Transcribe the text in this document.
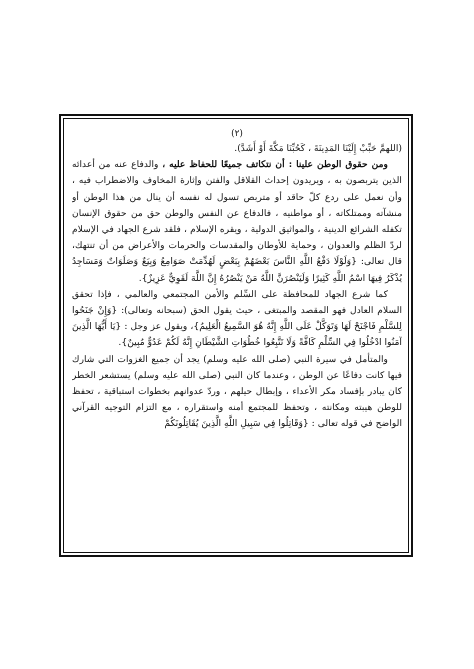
(٢)

(اللهمَّ حَبِّبْ إِلَيْنَا المَدِينَةَ ، كَحُبِّنَا مَكَّةَ أَوْ أَشَدَّ).

ومن حقوق الوطن علينا : أن نتكاتف جميعًا للحفاظ عليه ، والدفاع عنه من أعدائه الذين يتربصون به ، ويريدون إحداث القلاقل والفتن وإثارة المخاوف والاضطراب فيه ، وأن نعمل على ردع كلّ حاقد أو متربص تسول له نفسه أن ينال من هذا الوطن أو منشآته وممتلكاته ، أو مواطنيه ، فالدفاع عن النفس والوطن حق من حقوق الإنسان تكفله الشرائع الدينية ، والمواثيق الدولية ، ويقره الإسلام ، فلقد شرع الجهاد في الإسلام لردّ الظلم والعدوان ، وحماية للأوطان والمقدسات والحرمات والأعراض من أن تنتهك، قال تعالى: {وَلَوْلَا دَفْعُ اللَّهِ النَّاسَ بَعْضَهُمْ بِبَعْضٍ لَهُدِّمَتْ صَوَامِعُ وَبِيَعٌ وَصَلَوَاتٌ وَمَسَاجِدُ يُذْكَرُ فِيهَا اسْمُ اللَّهِ كَثِيرًا وَلَيَنْصُرَنَّ اللَّهُ مَنْ يَنْصُرُهُ إِنَّ اللَّهَ لَقَوِيٌّ عَزِيزٌ}.

كما شرع الجهاد للمحافظة على السِّلم والأمن المجتمعي والعالمي ، فإذا تحقق السلام العادل فهو المقصد والمبتغى ، حيث يقول الحق (سبحانه وتعالى): {وَإِنْ جَنَحُوا لِلسَّلْمِ فَاجْنَحْ لَهَا وَتَوَكَّلْ عَلَى اللَّهِ إِنَّهُ هُوَ السَّمِيعُ الْعَلِيمُ}، ويقول عز وجل : {يَا أَيُّهَا الَّذِينَ آمَنُوا ادْخُلُوا فِي السِّلْمِ كَافَّةً وَلَا تَتَّبِعُوا خُطُوَاتِ الشَّيْطَانِ إِنَّهُ لَكُمْ عَدُوٌّ مُبِينٌ}.

والمتأمل في سيرة النبي (صلى الله عليه وسلم) يجد أن جميع الغزوات التي شارك فيها كانت دفاعًا عن الوطن ، وعندما كان النبي (صلى الله عليه وسلم) يستشعر الخطر كان يبادر بإفساد مكر الأعداء ، وإبطال حيلهم ، وردّ عدوانهم بخطوات استباقية ، تحفظ للوطن هيبته ومكانته ، وتحفظ للمجتمع أمنه واستقراره ، مع التزام التوجيه القرآني الواضح في قوله تعالى : {وَقَاتِلُوا فِي سَبِيلِ اللَّهِ الَّذِينَ يُقَاتِلُونَكُمْ
